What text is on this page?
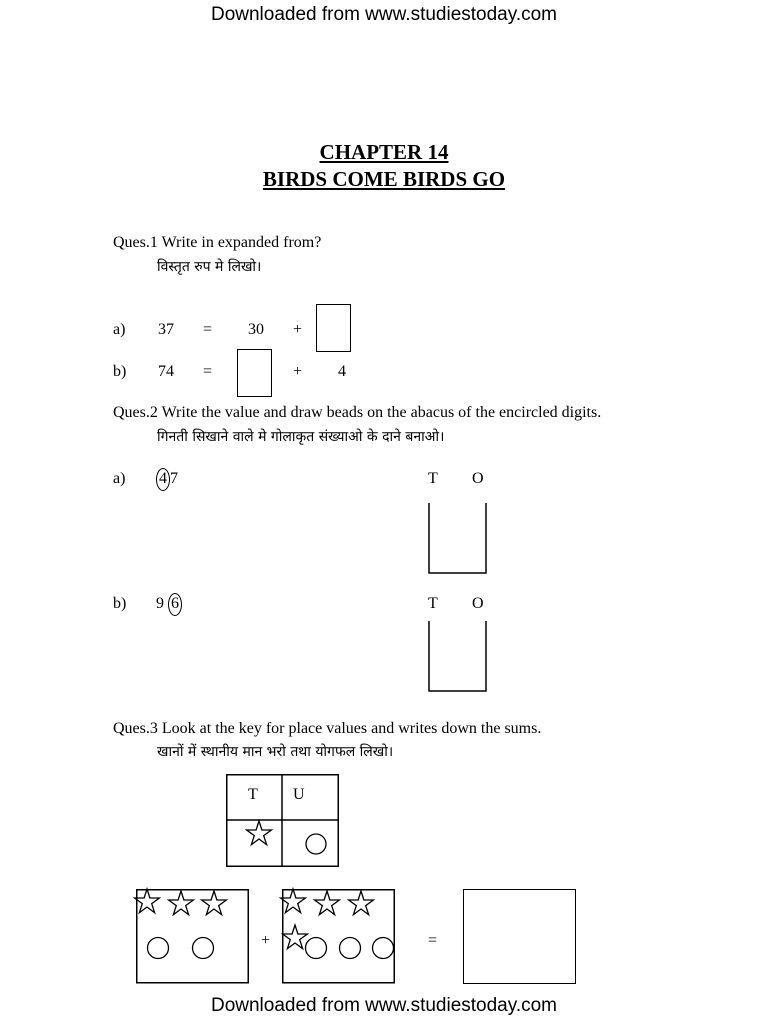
Downloaded from www.studiestoday.com
Downloaded from www.studiestoday.com
CHAPTER 14
BIRDS COME BIRDS GO
Ques.1 Write in expanded from?
विस्तृत रुप मे लिखो।
a) 37 = 30 +
b) 74 =	+ 4
Ques.2 Write the value and draw beads on the abacus of the encircled digits.
गिनती सिखाने वाले मे गोलाकृत संख्याओ के दाने बनाओ।
a) 4 7	T O
b) 9 6	T O
Ques.3 Look at the key for place values and writes down the sums.
खानों में स्थानीय मान भरो तथा योगफल लिखो।
T U
+	=
